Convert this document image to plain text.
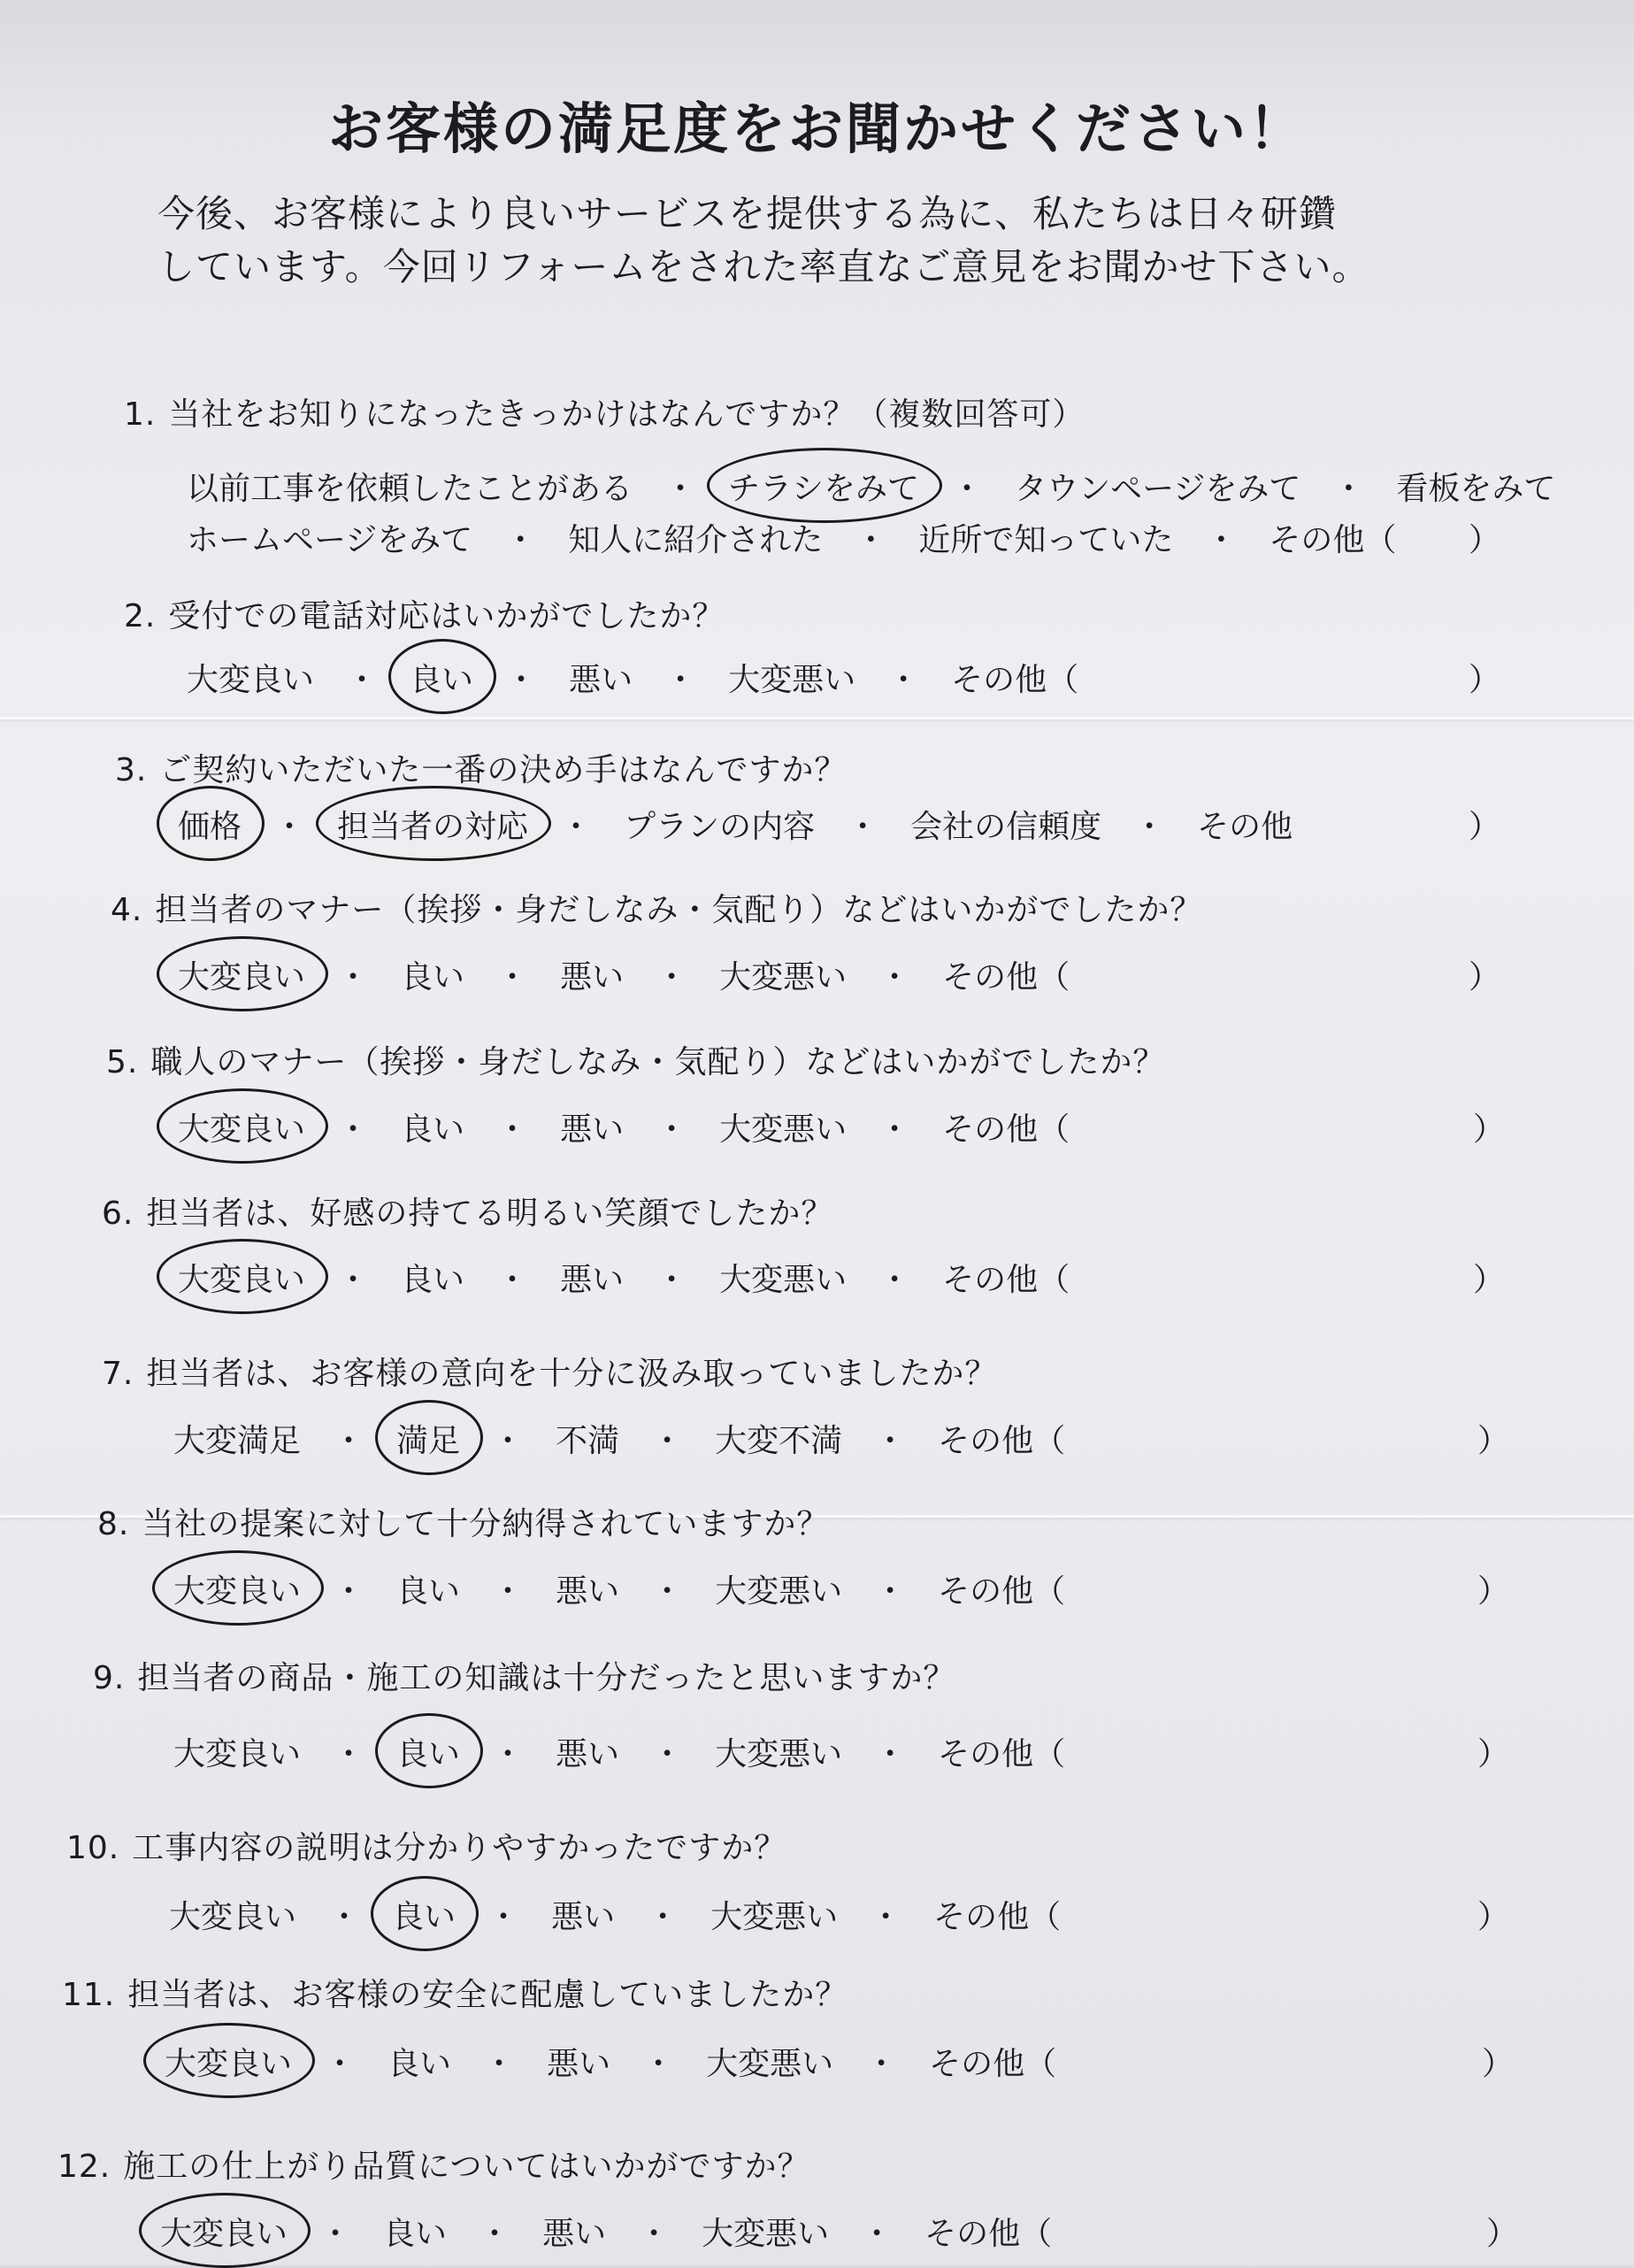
お客様の満足度をお聞かせください！
今後、お客様により良いサービスを提供する為に、私たちは日々研鑽
しています。今回リフォームをされた率直なご意見をお聞かせ下さい。
1. 当社をお知りになったきっかけはなんですか？（複数回答可）
以前工事を依頼したことがある ・ チラシをみて ・ タウンページをみて ・ 看板をみて
ホームページをみて ・ 知人に紹介された ・ 近所で知っていた ・ その他（ ）
2. 受付での電話対応はいかがでしたか？
大変良い ・ 良い ・ 悪い ・ 大変悪い ・ その他（	）
3. ご契約いただいた一番の決め手はなんですか？
価格 ・ 担当者の対応 ・ プランの内容 ・ 会社の信頼度 ・ その他	）
4. 担当者のマナー（挨拶・身だしなみ・気配り）などはいかがでしたか？
大変良い ・ 良い ・ 悪い ・ 大変悪い ・ その他（	）
5. 職人のマナー（挨拶・身だしなみ・気配り）などはいかがでしたか？
大変良い ・ 良い ・ 悪い ・ 大変悪い ・ その他（	）
6. 担当者は、好感の持てる明るい笑顔でしたか？
大変良い ・ 良い ・ 悪い ・ 大変悪い ・ その他（	）
7. 担当者は、お客様の意向を十分に汲み取っていましたか？
大変満足 ・ 満足 ・ 不満 ・ 大変不満 ・ その他（	）
8. 当社の提案に対して十分納得されていますか？
大変良い ・ 良い ・ 悪い ・ 大変悪い ・ その他（	）
9. 担当者の商品・施工の知識は十分だったと思いますか？
大変良い ・ 良い ・ 悪い ・ 大変悪い ・ その他（	）
10. 工事内容の説明は分かりやすかったですか？
大変良い ・ 良い ・ 悪い ・ 大変悪い ・ その他（	）
11. 担当者は、お客様の安全に配慮していましたか？
大変良い ・ 良い ・ 悪い ・ 大変悪い ・ その他（	）
12. 施工の仕上がり品質についてはいかがですか？
大変良い ・ 良い ・ 悪い ・ 大変悪い ・ その他（	）
